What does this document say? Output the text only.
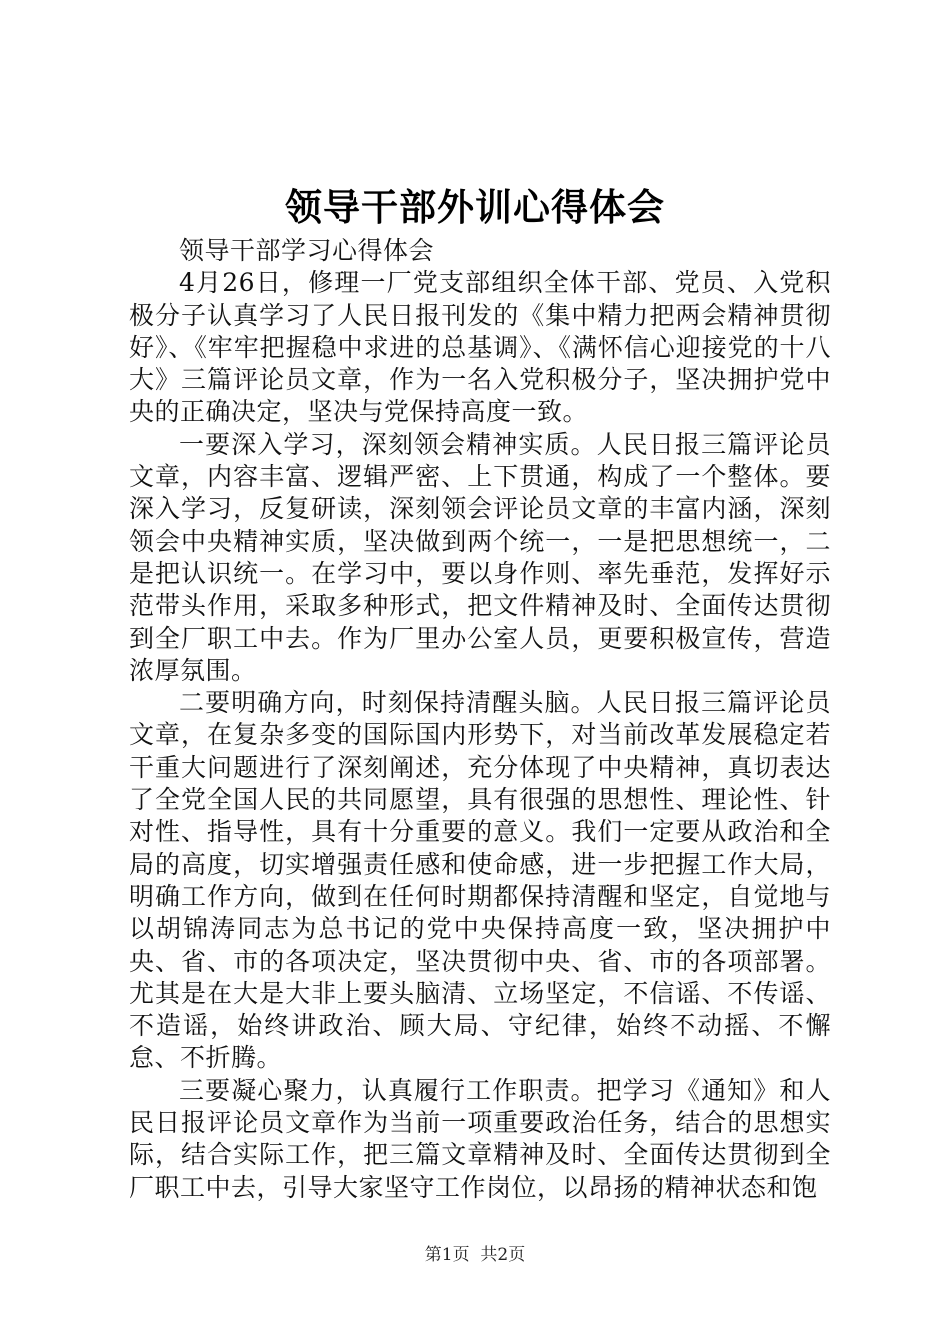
领导干部外训心得体会

领导干部学习心得体会

4月26日，修理一厂党支部组织全体干部、党员、入党积极分子认真学习了人民日报刊发的《集中精力把两会精神贯彻好》、《牢牢把握稳中求进的总基调》、《满怀信心迎接党的十八大》三篇评论员文章，作为一名入党积极分子，坚决拥护党中央的正确决定，坚决与党保持高度一致。

一要深入学习，深刻领会精神实质。人民日报三篇评论员文章，内容丰富、逻辑严密、上下贯通，构成了一个整体。要深入学习，反复研读，深刻领会评论员文章的丰富内涵，深刻领会中央精神实质，坚决做到两个统一，一是把思想统一，二是把认识统一。在学习中，要以身作则、率先垂范，发挥好示范带头作用，采取多种形式，把文件精神及时、全面传达贯彻到全厂职工中去。作为厂里办公室人员，更要积极宣传，营造浓厚氛围。

二要明确方向，时刻保持清醒头脑。人民日报三篇评论员文章，在复杂多变的国际国内形势下，对当前改革发展稳定若干重大问题进行了深刻阐述，充分体现了中央精神，真切表达了全党全国人民的共同愿望，具有很强的思想性、理论性、针对性、指导性，具有十分重要的意义。我们一定要从政治和全局的高度，切实增强责任感和使命感，进一步把握工作大局，明确工作方向，做到在任何时期都保持清醒和坚定，自觉地与以胡锦涛同志为总书记的党中央保持高度一致，坚决拥护中央、省、市的各项决定，坚决贯彻中央、省、市的各项部署。尤其是在大是大非上要头脑清、立场坚定，不信谣、不传谣、不造谣，始终讲政治、顾大局、守纪律，始终不动摇、不懈怠、不折腾。

三要凝心聚力，认真履行工作职责。把学习《通知》和人民日报评论员文章作为当前一项重要政治任务，结合的思想实际，结合实际工作，把三篇文章精神及时、全面传达贯彻到全厂职工中去，引导大家坚守工作岗位，以昂扬的精神状态和饱

第1页 共2页
